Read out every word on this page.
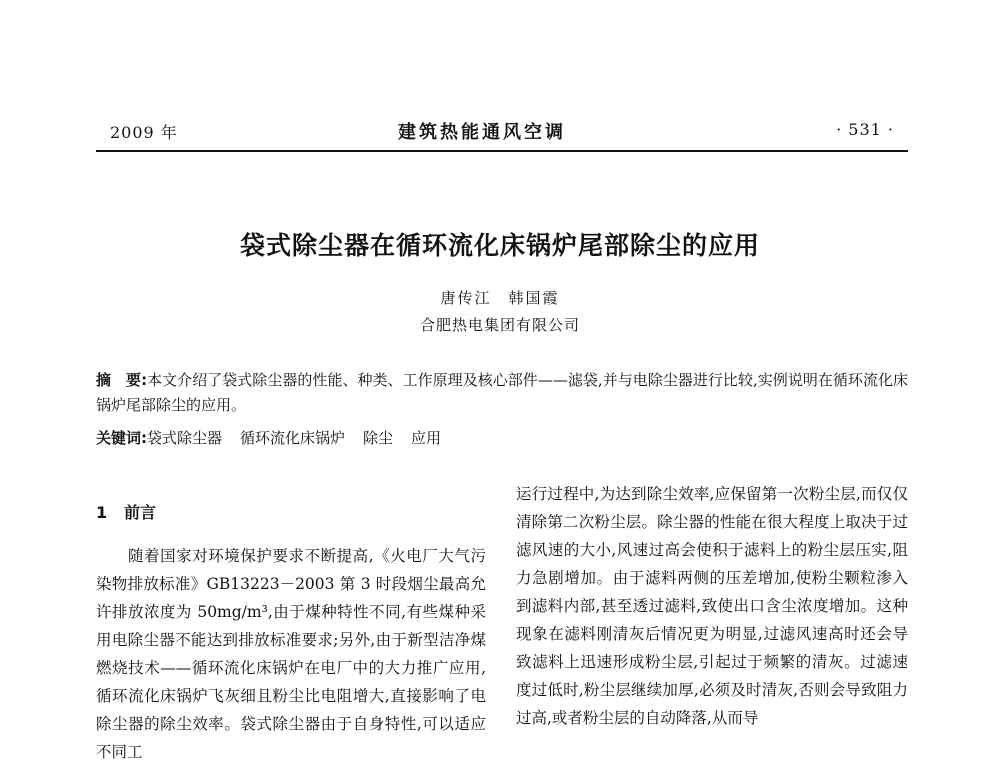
2009 年	建筑热能通风空调	· 531 ·
袋式除尘器在循环流化床锅炉尾部除尘的应用
唐传江　韩国霞
合肥热电集团有限公司
摘　要:本文介绍了袋式除尘器的性能、种类、工作原理及核心部件——滤袋,并与电除尘器进行比较,实例说明在循环流化床锅炉尾部除尘的应用。
关键词:袋式除尘器 循环流化床锅炉 除尘 应用
1 前言

随着国家对环境保护要求不断提高,《火电厂大气污染物排放标准》GB13223－2003 第 3 时段烟尘最高允许排放浓度为 50mg/m³,由于煤种特性不同,有些煤种采用电除尘器不能达到排放标准要求;另外,由于新型洁净煤燃烧技术——循环流化床锅炉在电厂中的大力推广应用,循环流化床锅炉飞灰细且粉尘比电阻增大,直接影响了电除尘器的除尘效率。袋式除尘器由于自身特性,可以适应不同工

运行过程中,为达到除尘效率,应保留第一次粉尘层,而仅仅清除第二次粉尘层。除尘器的性能在很大程度上取决于过滤风速的大小,风速过高会使积于滤料上的粉尘层压实,阻力急剧增加。由于滤料两侧的压差增加,使粉尘颗粒渗入到滤料内部,甚至透过滤料,致使出口含尘浓度增加。这种现象在滤料刚清灰后情况更为明显,过滤风速高时还会导致滤料上迅速形成粉尘层,引起过于频繁的清灰。过滤速度过低时,粉尘层继续加厚,必须及时清灰,否则会导致阻力过高,或者粉尘层的自动降落,从而导
